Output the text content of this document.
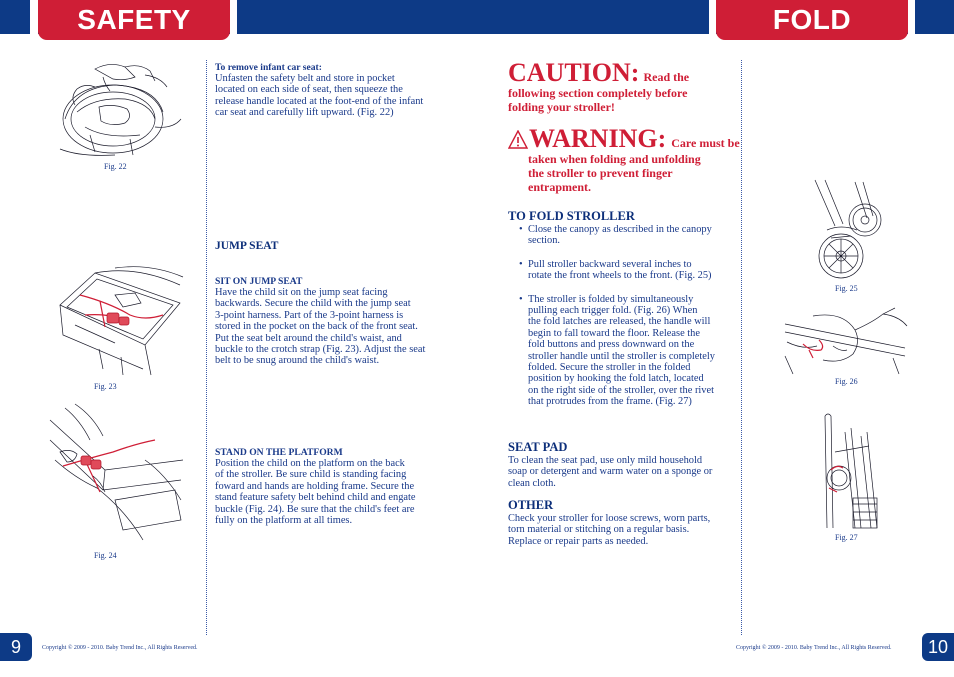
SAFETY	FOLD
Fig. 22
To remove infant car seat:
Unfasten the safety belt and store in pocket
located on each side of seat, then squeeze the
release handle located at the foot-end of the infant
car seat and carefully lift upward. (Fig. 22)
JUMP SEAT
Fig. 23
SIT ON JUMP SEAT
Have the child sit on the jump seat facing
backwards. Secure the child with the jump seat
3-point harness. Part of the 3-point harness is
stored in the pocket on the back of the front seat.
Put the seat belt around the child's waist, and
buckle to the crotch strap (Fig. 23). Adjust the seat
belt to be snug around the child's waist.
Fig. 24
STAND ON THE PLATFORM
Position the child on the platform on the back
of the stroller. Be sure child is standing facing
foward and hands are holding frame. Secure the
stand feature safety belt behind child and engate
buckle (Fig. 24). Be sure that the child's feet are
fully on the platform at all times.
9	Copyright © 2009 - 2010. Baby Trend Inc., All Rights Reserved.
CAUTION: Read the
following section completely before
folding your stroller!
WARNING: Care must be
taken when folding and unfolding
the stroller to prevent finger
entrapment.
TO FOLD STROLLER
• Close the canopy as described in the canopy
section.
• Pull stroller backward several inches to
rotate the front wheels to the front. (Fig. 25)
• The stroller is folded by simultaneously
pulling each trigger fold. (Fig. 26) When
the fold latches are released, the handle will
begin to fall toward the floor. Release the
fold buttons and press downward on the
stroller handle until the stroller is completely
folded. Secure the stroller in the folded
position by hooking the fold latch, located
on the right side of the stroller, over the rivet
that protrudes from the frame. (Fig. 27)
SEAT PAD
To clean the seat pad, use only mild household
soap or detergent and warm water on a sponge or
clean cloth.
OTHER
Check your stroller for loose screws, worn parts,
torn material or stitching on a regular basis.
Replace or repair parts as needed.
Fig. 25
Fig. 26
Fig. 27
Copyright © 2009 - 2010. Baby Trend Inc., All Rights Reserved.	10
